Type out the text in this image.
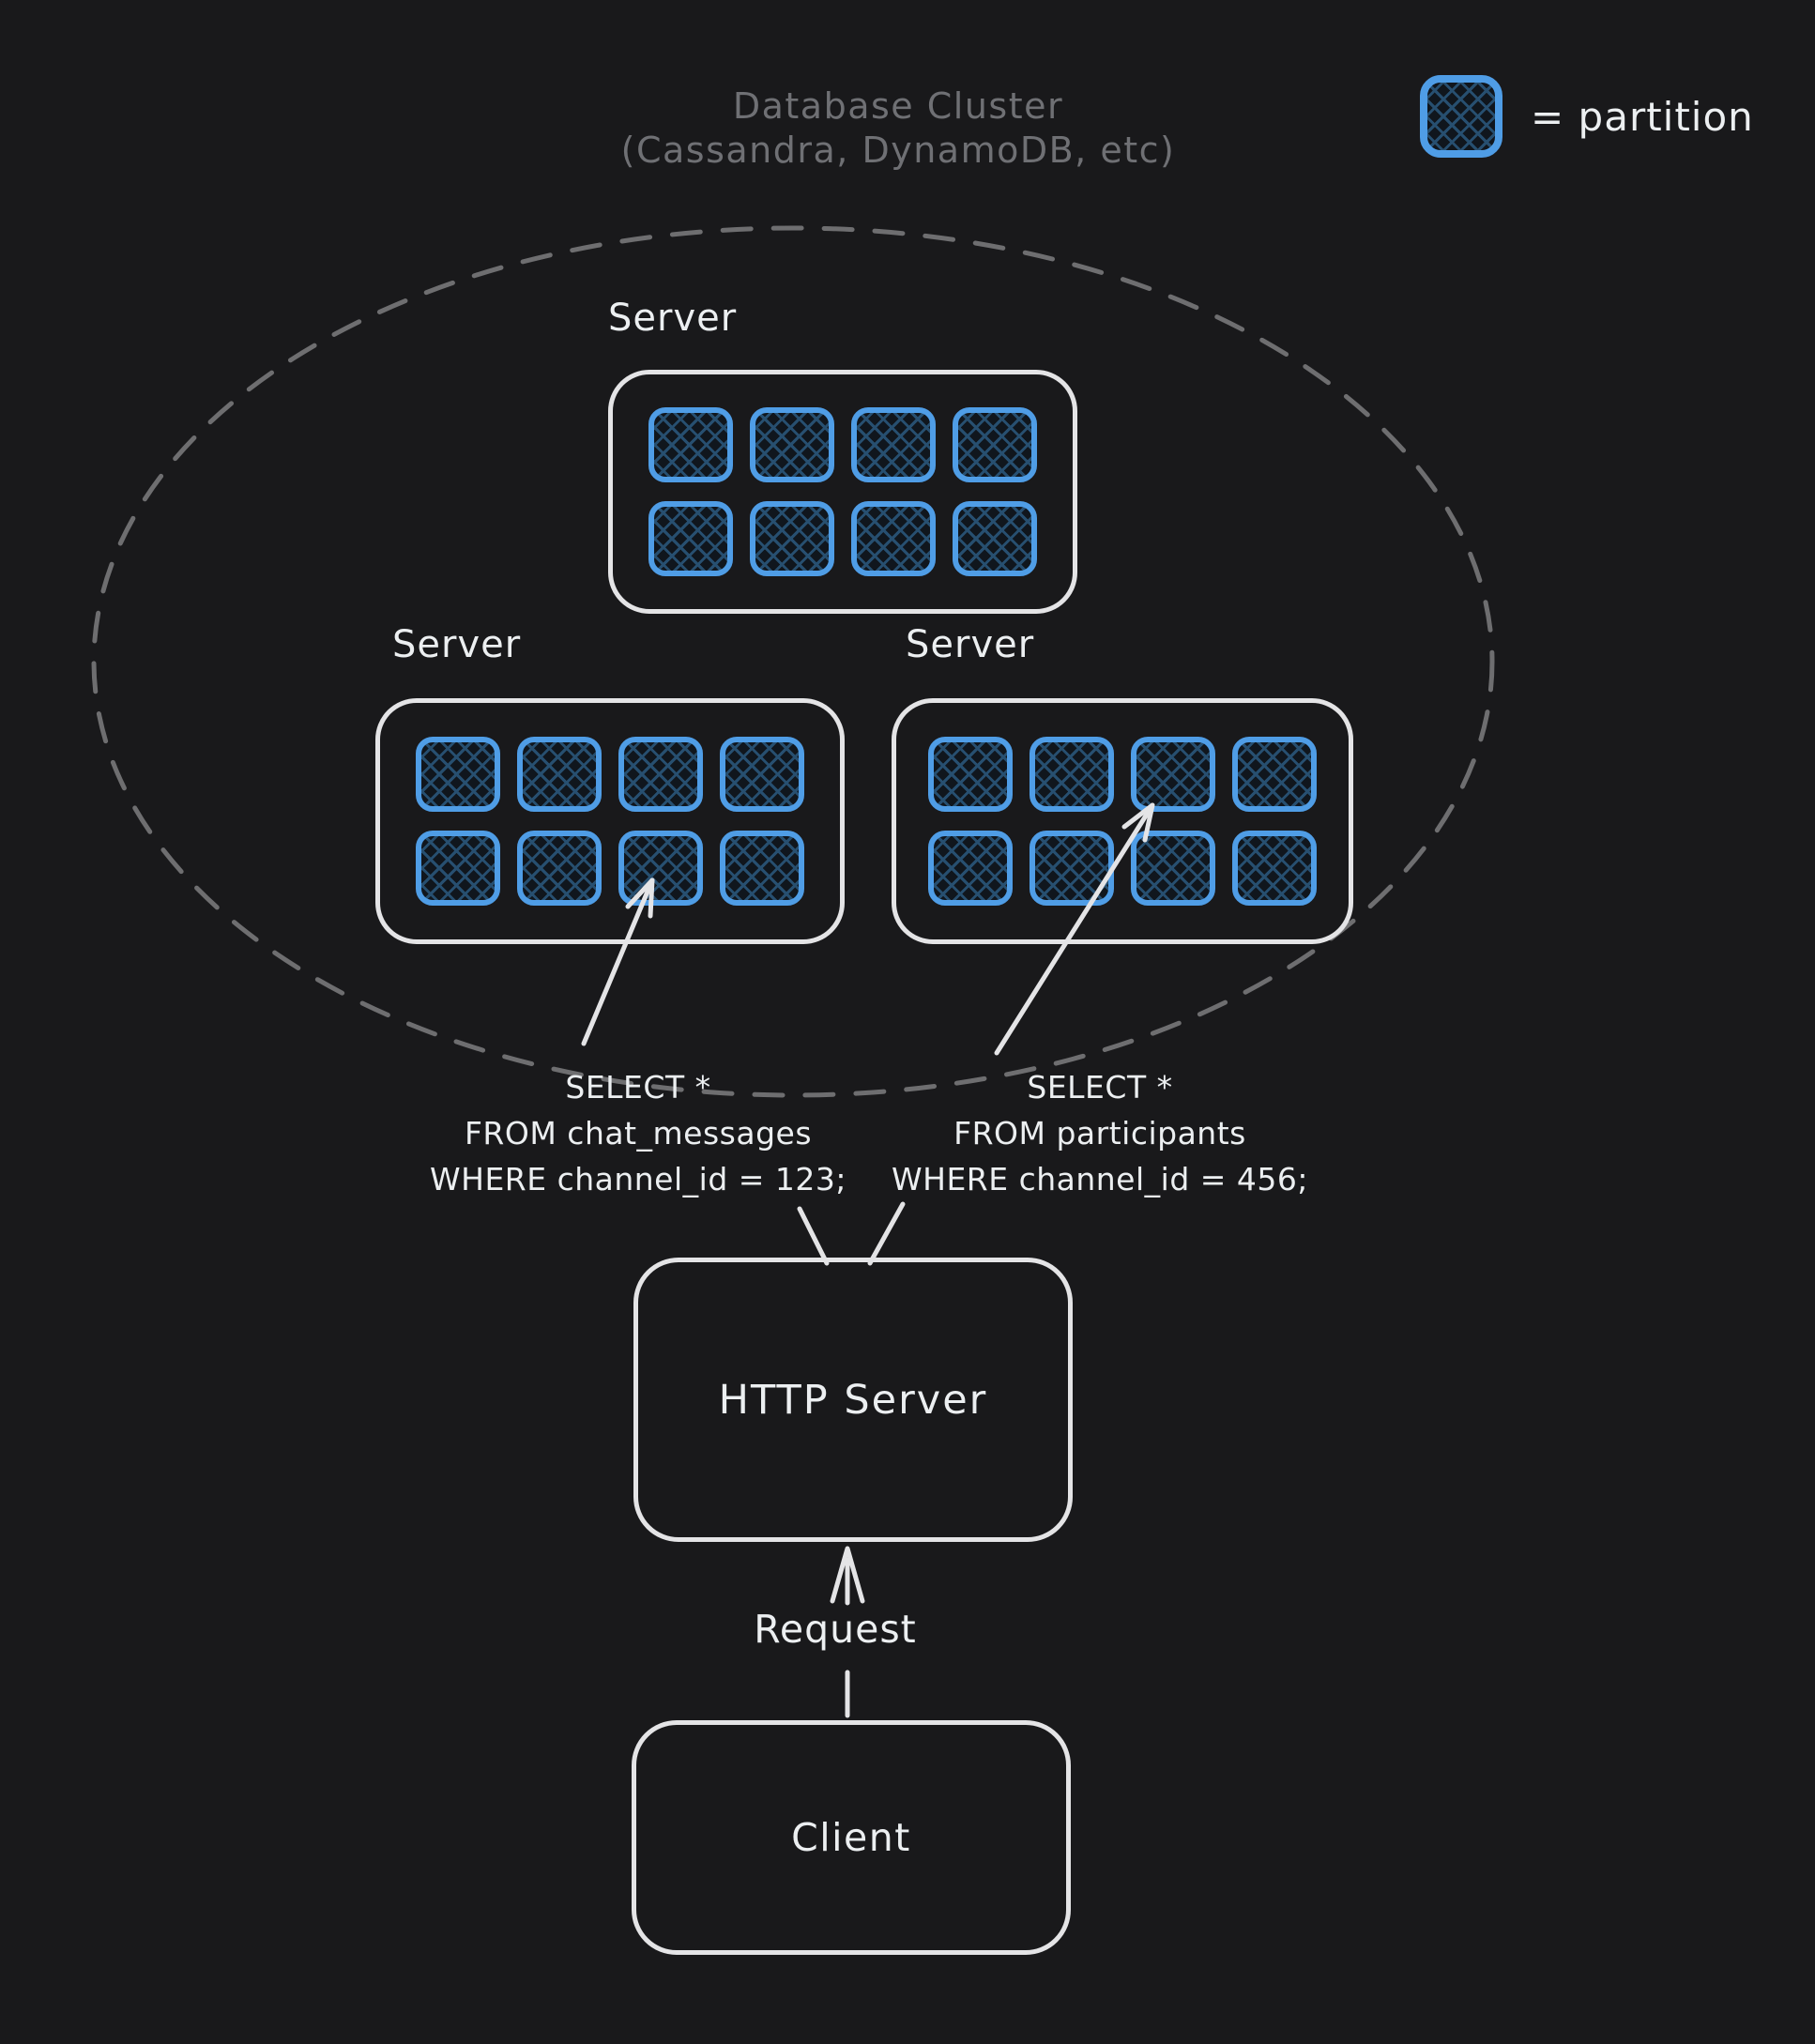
Database Cluster
(Cassandra, DynamoDB, etc)
= partition
Server
Server	Server
SELECT *
FROM chat_messages
WHERE channel_id = 123;
SELECT *
FROM participants
WHERE channel_id = 456;
HTTP Server
Request
Client
